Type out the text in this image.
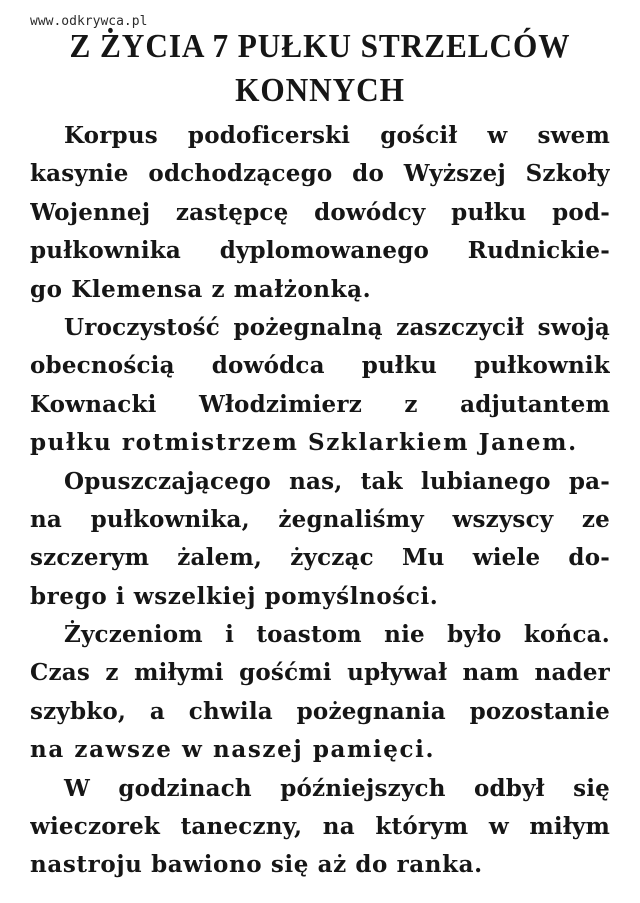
www.odkrywca.pl
Z ŻYCIA 7 PUŁKU STRZELCÓW
KONNYCH
Korpus podoficerski gościł w swem
kasynie odchodzącego do Wyższej Szkoły
Wojennej zastępcę dowódcy pułku pod-
pułkownika dyplomowanego Rudnickie-
go Klemensa z małżonką.
Uroczystość pożegnalną zaszczycił swoją
obecnością dowódca pułku pułkownik
Kownacki Włodzimierz z adjutantem
pułku rotmistrzem Szklarkiem Janem.
Opuszczającego nas, tak lubianego pa-
na pułkownika, żegnaliśmy wszyscy ze
szczerym żalem, życząc Mu wiele do-
brego i wszelkiej pomyślności.
Życzeniom i toastom nie było końca.
Czas z miłymi gośćmi upływał nam nader
szybko, a chwila pożegnania pozostanie
na zawsze w naszej pamięci.
W godzinach późniejszych odbył się
wieczorek taneczny, na którym w miłym
nastroju bawiono się aż do ranka.
